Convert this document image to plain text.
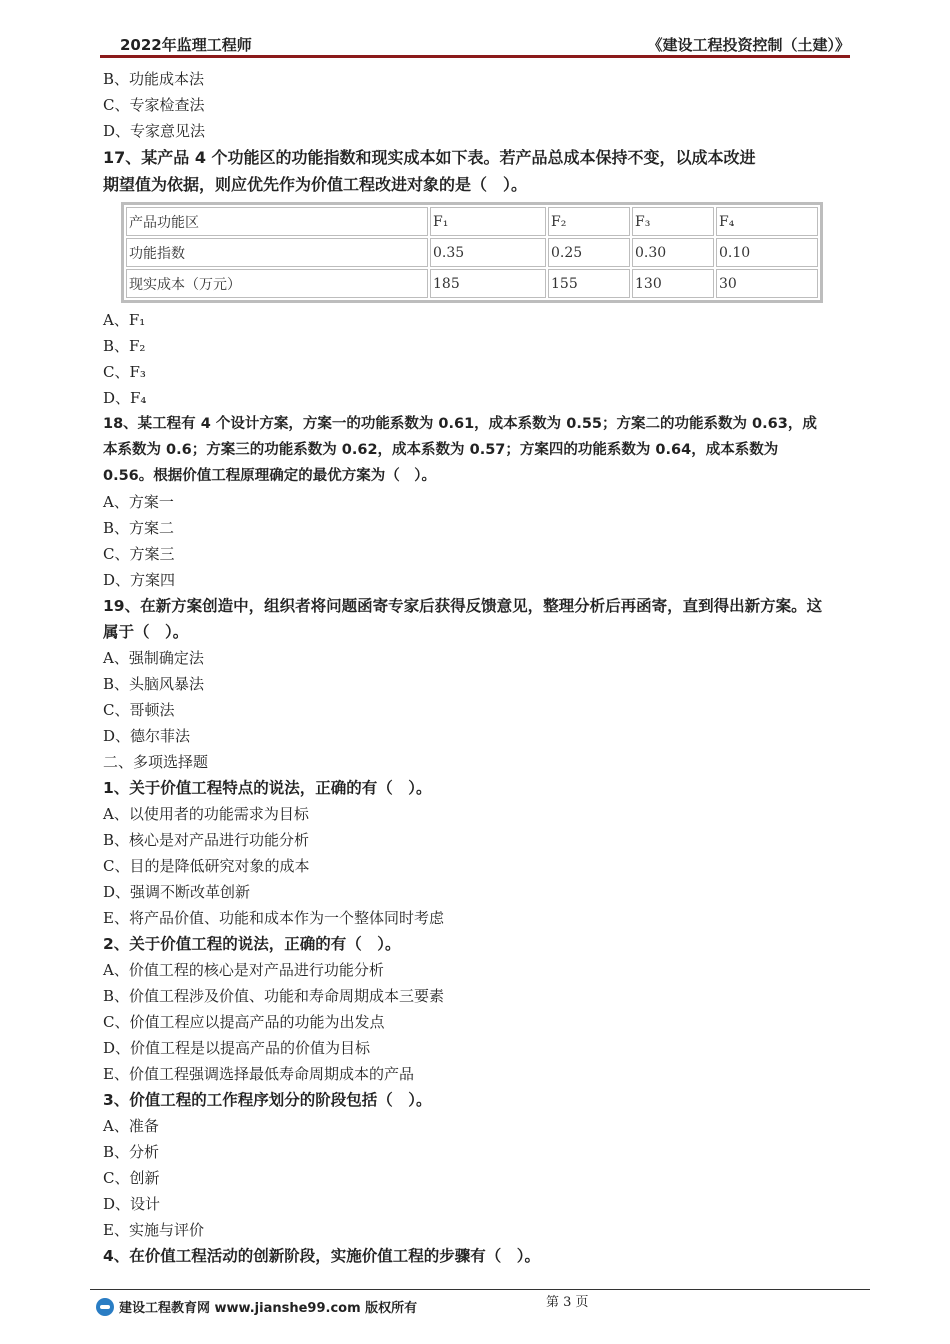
2022年监理工程师	《建设工程投资控制（土建）》
B、功能成本法
C、专家检查法
D、专家意见法
17、某产品 4 个功能区的功能指数和现实成本如下表。若产品总成本保持不变，以成本改进
期望值为依据，则应优先作为价值工程改进对象的是（　）。
产品功能区	F₁	F₂	F₃	F₄
功能指数	0.35	0.25	0.30	0.10
现实成本（万元）	185	155	130	30
A、F₁
B、F₂
C、F₃
D、F₄
18、某工程有 4 个设计方案，方案一的功能系数为 0.61，成本系数为 0.55；方案二的功能系数为 0.63，成
本系数为 0.6；方案三的功能系数为 0.62，成本系数为 0.57；方案四的功能系数为 0.64，成本系数为
0.56。根据价值工程原理确定的最优方案为（　）。
A、方案一
B、方案二
C、方案三
D、方案四
19、在新方案创造中，组织者将问题函寄专家后获得反馈意见，整理分析后再函寄，直到得出新方案。这
属于（　）。
A、强制确定法
B、头脑风暴法
C、哥顿法
D、德尔菲法
二、多项选择题
1、关于价值工程特点的说法，正确的有（　）。
A、以使用者的功能需求为目标
B、核心是对产品进行功能分析
C、目的是降低研究对象的成本
D、强调不断改革创新
E、将产品价值、功能和成本作为一个整体同时考虑
2、关于价值工程的说法，正确的有（　）。
A、价值工程的核心是对产品进行功能分析
B、价值工程涉及价值、功能和寿命周期成本三要素
C、价值工程应以提高产品的功能为出发点
D、价值工程是以提高产品的价值为目标
E、价值工程强调选择最低寿命周期成本的产品
3、价值工程的工作程序划分的阶段包括（　）。
A、准备
B、分析
C、创新
D、设计
E、实施与评价
4、在价值工程活动的创新阶段，实施价值工程的步骤有（　）。
第 3 页
建设工程教育网 www.jianshe99.com 版权所有
